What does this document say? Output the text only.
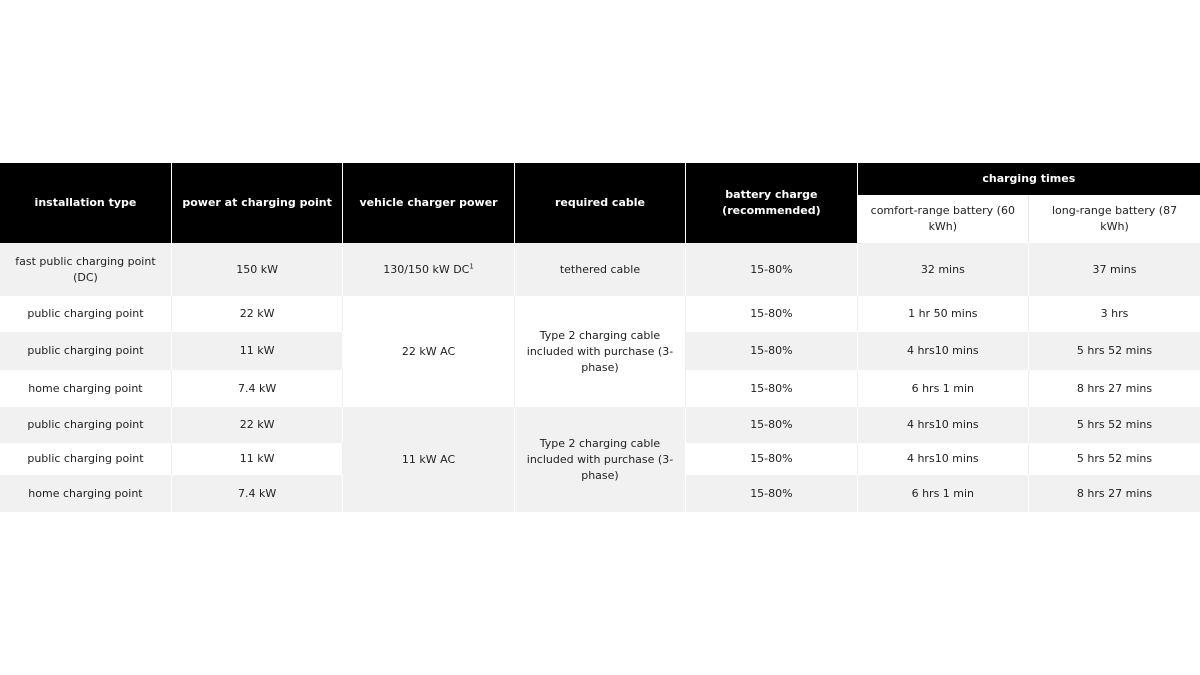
installation type	power at charging point	vehicle charger power	required cable	battery charge (recommended)	charging times	
					comfort-range battery (60 kWh)	long-range battery (87 kWh)
fast public charging point (DC)	150 kW	130/150 kW $DC^1$	tethered cable	15-80%	32 mins	37 mins
public charging point	22 kW	22 kW AC	Type 2 charging cable included with purchase (3-phase)	15-80%	1 hr 50 mins	3 hrs
public charging point	11 kW			15-80%	4 hrs10 mins	5 hrs 52 mins
home charging point	7.4 kW			15-80%	6 hrs 1 min	8 hrs 27 mins
public charging point	22 kW	11 kW AC	Type 2 charging cable included with purchase (3-phase)	15-80%	4 hrs10 mins	5 hrs 52 mins
public charging point	11 kW			15-80%	4 hrs10 mins	5 hrs 52 mins
home charging point	7.4 kW			15-80%	6 hrs 1 min	8 hrs 27 mins
